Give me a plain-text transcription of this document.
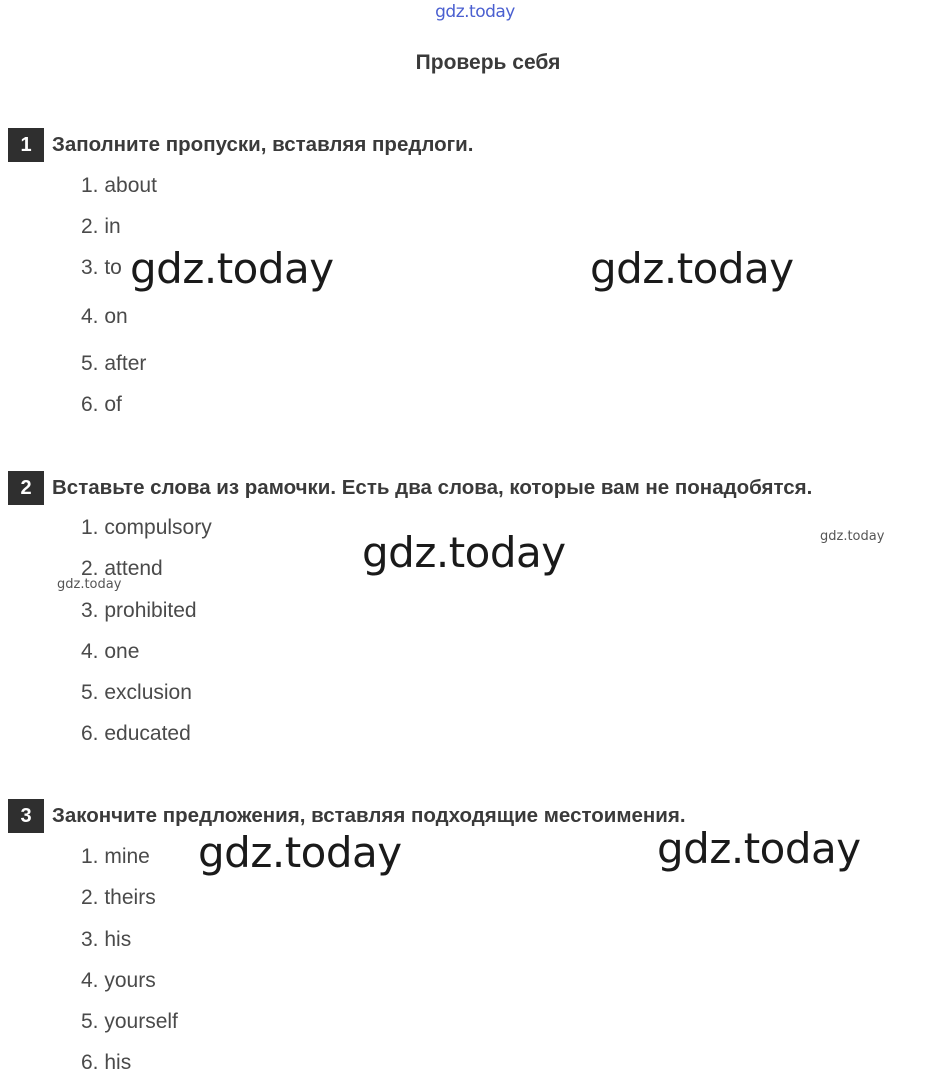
gdz.today
Проверь себя
1 Заполните пропуски, вставляя предлоги.
1. about
2. in
3. to
4. on
5. after
6. of
2 Вставьте слова из рамочки. Есть два слова, которые вам не понадобятся.
1. compulsory
2. attend
3. prohibited
4. one
5. exclusion
6. educated
3 Закончите предложения, вставляя подходящие местоимения.
1. mine
2. theirs
3. his
4. yours
5. yourself
6. his
gdz.today	gdz.today
gdz.today	gdz.today
gdz.today
gdz.today	gdz.today
